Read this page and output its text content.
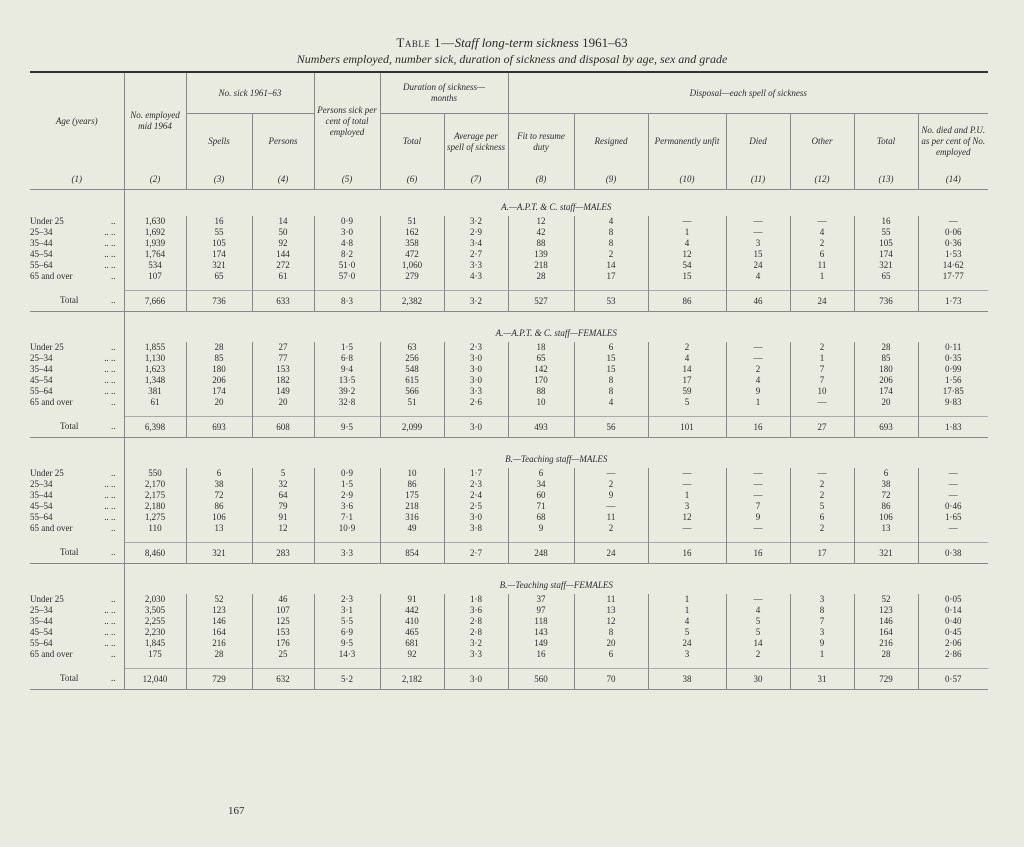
Table 1—Staff long-term sickness 1961–63
Numbers employed, number sick, duration of sickness and disposal by age, sex and grade

Age (years)	No. employed mid 1964	No. sick 1961–63		Persons sick per cent of total employed	Duration of sickness—months		Disposal—each spell of sickness						
		Spells	Persons		Total	Average per spell of sickness	Fit to resume duty	Resigned	Permanently unfit	Died	Other	Total	No. died and P.U. as per cent of No. employed

(1)	(2)	(3)	(4)	(5)	(6)	(7)	(8)	(9)	(10)	(11)	(12)	(13)	(14)
	A.—A.P.T. & C. staff—MALES												

..
Under 25	1,630	16	14	0·9	51	3·2	12	4	—	—	—	16	—

.. ..
25–34	1,692	55	50	3·0	162	2·9	42	8	1	—	4	55	0·06

.. ..
35–44	1,939	105	92	4·8	358	3·4	88	8	4	3	2	105	0·36

.. ..
45–54	1,764	174	144	8·2	472	2·7	139	2	12	15	6	174	1·53

.. ..
55–64	534	321	272	51·0	1,060	3·3	218	14	54	24	11	321	14·62

..
65 and over	107	65	61	57·0	279	4·3	28	17	15	4	1	65	17·77

..
Total	7,666	736	633	8·3	2,382	3·2	527	53	86	46	24	736	1·73
	A.—A.P.T. & C. staff—FEMALES												

..
Under 25	1,855	28	27	1·5	63	2·3	18	6	2	—	2	28	0·11

.. ..
25–34	1,130	85	77	6·8	256	3·0	65	15	4	—	1	85	0·35

.. ..
35–44	1,623	180	153	9·4	548	3·0	142	15	14	2	7	180	0·99

.. ..
45–54	1,348	206	182	13·5	615	3·0	170	8	17	4	7	206	1·56

.. ..
55–64	381	174	149	39·2	566	3·3	88	8	59	9	10	174	17·85

..
65 and over	61	20	20	32·8	51	2·6	10	4	5	1	—	20	9·83

..
Total	6,398	693	608	9·5	2,099	3·0	493	56	101	16	27	693	1·83
	B.—Teaching staff—MALES												

..
Under 25	550	6	5	0·9	10	1·7	6	—	—	—	—	6	—

.. ..
25–34	2,170	38	32	1·5	86	2·3	34	2	—	—	2	38	—

.. ..
35–44	2,175	72	64	2·9	175	2·4	60	9	1	—	2	72	—

.. ..
45–54	2,180	86	79	3·6	218	2·5	71	—	3	7	5	86	0·46

.. ..
55–64	1,275	106	91	7·1	316	3·0	68	11	12	9	6	106	1·65

..
65 and over	110	13	12	10·9	49	3·8	9	2	—	—	2	13	—

..
Total	8,460	321	283	3·3	854	2·7	248	24	16	16	17	321	0·38
	B.—Teaching staff—FEMALES												

..
Under 25	2,030	52	46	2·3	91	1·8	37	11	1	—	3	52	0·05

.. ..
25–34	3,505	123	107	3·1	442	3·6	97	13	1	4	8	123	0·14

.. ..
35–44	2,255	146	125	5·5	410	2·8	118	12	4	5	7	146	0·40

.. ..
45–54	2,230	164	153	6·9	465	2·8	143	8	5	5	3	164	0·45

.. ..
55–64	1,845	216	176	9·5	681	3·2	149	20	24	14	9	216	2·06

..
65 and over	175	28	25	14·3	92	3·3	16	6	3	2	1	28	2·86

..
Total	12,040	729	632	5·2	2,182	3·0	560	70	38	30	31	729	0·57
167
